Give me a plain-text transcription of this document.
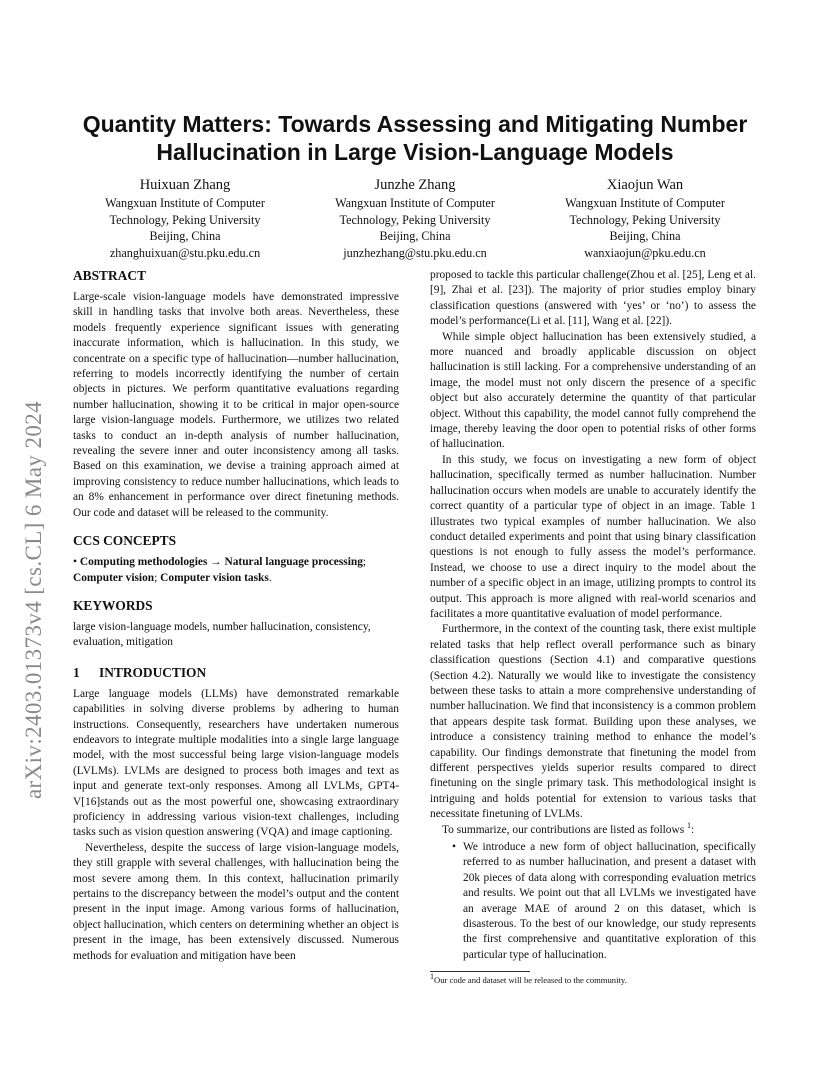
arXiv:2403.01373v4 [cs.CL] 6 May 2024
Quantity Matters: Towards Assessing and Mitigating Number
Hallucination in Large Vision-Language Models
Huixuan Zhang
Wangxuan Institute of Computer
Technology, Peking University
Beijing, China
zhanghuixuan@stu.pku.edu.cn
Junzhe Zhang
Wangxuan Institute of Computer
Technology, Peking University
Beijing, China
junzhezhang@stu.pku.edu.cn
Xiaojun Wan
Wangxuan Institute of Computer
Technology, Peking University
Beijing, China
wanxiaojun@pku.edu.cn
ABSTRACT

Large-scale vision-language models have demonstrated impressive skill in handling tasks that involve both areas. Nevertheless, these models frequently experience significant issues with generating inaccurate information, which is hallucination. In this study, we concentrate on a specific type of hallucination—number hallucination, referring to models incorrectly identifying the number of certain objects in pictures. We perform quantitative evaluations regarding number hallucination, showing it to be critical in major open-source large vision-language models. Furthermore, we utilizes two related tasks to conduct an in-depth analysis of number hallucination, revealing the severe inner and outer inconsistency among all tasks. Based on this examination, we devise a training approach aimed at improving consistency to reduce number hallucinations, which leads to an 8% enhancement in performance over direct finetuning methods. Our code and dataset will be released to the community.

CCS CONCEPTS

• Computing methodologies → Natural language processing; Computer vision; Computer vision tasks.

KEYWORDS

large vision-language models, number hallucination, consistency, evaluation, mitigation

1 INTRODUCTION

Large language models (LLMs) have demonstrated remarkable capabilities in solving diverse problems by adhering to human instructions. Consequently, researchers have undertaken numerous endeavors to integrate multiple modalities into a single large language model, with the most successful being large vision-language models (LVLMs). LVLMs are designed to process both images and text as input and generate text-only responses. Among all LVLMs, GPT4-V[16]stands out as the most powerful one, showcasing extraordinary proficiency in addressing various vision-text challenges, including tasks such as vision question answering (VQA) and image captioning.

Nevertheless, despite the success of large vision-language models, they still grapple with several challenges, with hallucination being the most severe among them. In this context, hallucination primarily pertains to the discrepancy between the model’s output and the content present in the input image. Among various forms of hallucination, object hallucination, which centers on determining whether an object is present in the image, has been extensively discussed. Numerous methods for evaluation and mitigation have been

proposed to tackle this particular challenge(Zhou et al. [25], Leng et al. [9], Zhai et al. [23]). The majority of prior studies employ binary classification questions (answered with ‘yes’ or ‘no’) to assess the model’s performance(Li et al. [11], Wang et al. [22]).

While simple object hallucination has been extensively studied, a more nuanced and broadly applicable discussion on object hallucination is still lacking. For a comprehensive understanding of an image, the model must not only discern the presence of a specific object but also accurately determine the quantity of that particular object. Without this capability, the model cannot fully comprehend the image, thereby leaving the door open to potential risks of other forms of hallucination.

In this study, we focus on investigating a new form of object hallucination, specifically termed as number hallucination. Number hallucination occurs when models are unable to accurately identify the correct quantity of a particular type of object in an image. Table 1 illustrates two typical examples of number hallucination. We also conduct detailed experiments and point that using binary classification questions is not enough to fully assess the model’s performance. Instead, we choose to use a direct inquiry to the model about the number of a specific object in an image, utilizing prompts to control its output. This approach is more aligned with real-world scenarios and facilitates a more quantitative evaluation of model performance.

Furthermore, in the context of the counting task, there exist multiple related tasks that help reflect overall performance such as binary classification questions (Section 4.1) and comparative questions (Section 4.2). Naturally we would like to investigate the consistency between these tasks to attain a more comprehensive understanding of number hallucination. We find that inconsistency is a common problem that appears despite task format. Building upon these analyses, we introduce a consistency training method to enhance the model’s capability. Our findings demonstrate that finetuning the model from different perspectives yields superior results compared to direct finetuning on the single primary task. This methodological insight is intriguing and holds potential for extension to various tasks that necessitate finetuning of LVLMs.

To summarize, our contributions are listed as follows $^1$:

• We introduce a new form of object hallucination, specifically referred to as number hallucination, and present a dataset with 20k pieces of data along with corresponding evaluation metrics and results. We point out that all LVLMs we investigated have an average MAE of around 2 on this dataset, which is disasterous. To the best of our knowledge, our study represents the first comprehensive and quantitative exploration of this particular type of hallucination.
$^1$Our code and dataset will be released to the community.
